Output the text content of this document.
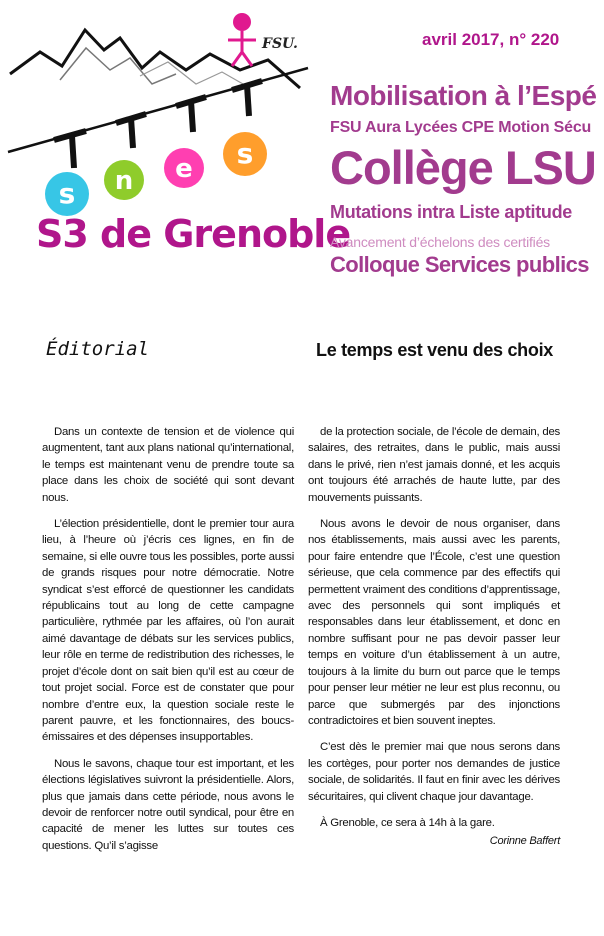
s n e s
FSU.
S3 de Grenoble
avril 2017, n° 220
Mobilisation à l’Espé
FSU Aura Lycées CPE Motion Sécu
Collège LSU
Mutations intra Liste aptitude
Avancement d’échelons des certifiés
Colloque Services publics
Éditorial	Le temps est venu des choix

Dans un contexte de tension et de violence qui augmentent, tant aux plans national qu’international, le temps est maintenant venu de prendre toute sa place dans les choix de société qui sont devant nous.

L’élection présidentielle, dont le premier tour aura lieu, à l’heure où j’écris ces lignes, en fin de semaine, si elle ouvre tous les possibles, porte aussi de grands risques pour notre démocratie. Notre syndicat s’est efforcé de questionner les candidats républicains tout au long de cette campagne particulière, rythmée par les affaires, où l’on aurait aimé davantage de débats sur les services publics, leur rôle en terme de redistribution des richesses, le projet d’école dont on sait bien qu’il est au cœur de tout projet social. Force est de constater que pour nombre d’entre eux, la question sociale reste le parent pauvre, et les fonctionnaires, des boucs-émissaires et des dépenses insupportables.

Nous le savons, chaque tour est important, et les élections législatives suivront la présidentielle. Alors, plus que jamais dans cette période, nous avons le devoir de renforcer notre outil syndical, pour être en capacité de mener les luttes sur toutes ces questions. Qu’il s’agisse

de la protection sociale, de l’école de demain, des salaires, des retraites, dans le public, mais aussi dans le privé, rien n’est jamais donné, et les acquis ont toujours été arrachés de haute lutte, par des mouvements puissants.

Nous avons le devoir de nous organiser, dans nos établissements, mais aussi avec les parents, pour faire entendre que l’École, c’est une question sérieuse, que cela commence par des effectifs qui permettent vraiment des conditions d’apprentissage, avec des personnels qui sont impliqués et responsables dans leur établissement, et donc en nombre suffisant pour ne pas devoir passer leur temps en voiture d’un établissement à un autre, toujours à la limite du burn out parce que le temps pour penser leur métier ne leur est plus reconnu, ou parce que submergés par des injonctions contradictoires et bien souvent ineptes.

C’est dès le premier mai que nous serons dans les cortèges, pour porter nos demandes de justice sociale, de solidarités. Il faut en finir avec les dérives sécuritaires, qui clivent chaque jour davantage.

À Grenoble, ce sera à 14h à la gare.

Corinne Baffert
